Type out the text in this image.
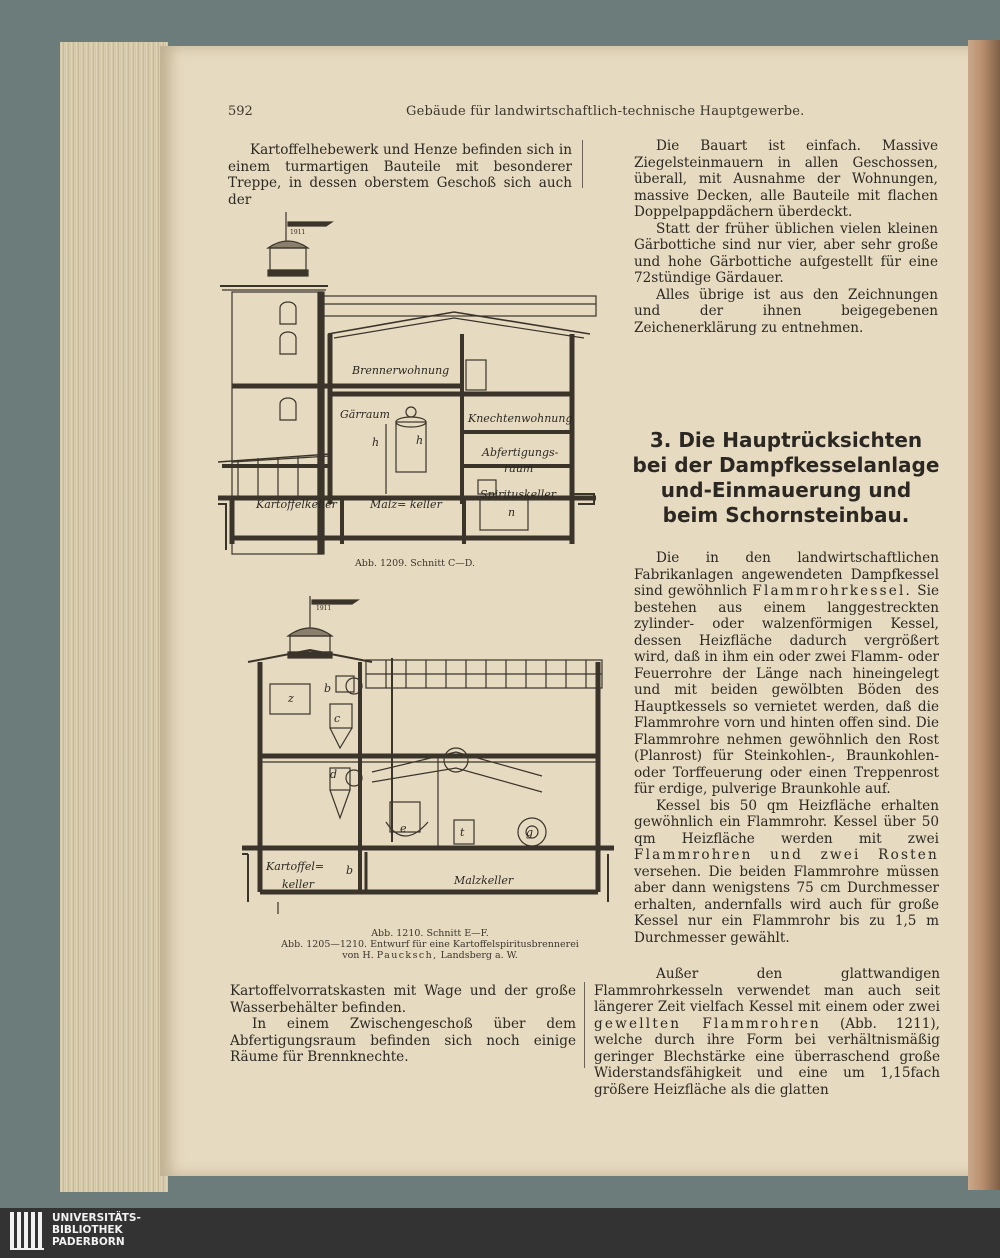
592	Gebäude für landwirtschaftlich-technische Hauptgewerbe.

Kartoffelhebewerk und Henze befinden sich in einem turmartigen Bauteile mit besonderer Treppe, in dessen oberstem Geschoß sich auch der

Die Bauart ist einfach. Massive Ziegelsteinmauern in allen Geschossen, überall, mit Ausnahme der Wohnungen, massive Decken, alle Bauteile mit flachen Doppelpappdächern überdeckt.

Statt der früher üblichen vielen kleinen Gärbottiche sind nur vier, aber sehr große und hohe Gärbottiche aufgestellt für eine 72stündige Gärdauer.

Alles übrige ist aus den Zeichnungen und der ihnen beigegebenen Zeichenerklärung zu entnehmen.

3. Die Hauptrücksichten bei der Dampfkesselanlage und-Einmauerung und beim Schornsteinbau.

Die in den landwirtschaftlichen Fabrikanlagen angewendeten Dampfkessel sind gewöhnlich Flammrohrkessel. Sie bestehen aus einem langgestreckten zylinder- oder walzenförmigen Kessel, dessen Heizfläche dadurch vergrößert wird, daß in ihm ein oder zwei Flamm- oder Feuerrohre der Länge nach hineingelegt und mit beiden gewölbten Böden des Hauptkessels so vernietet werden, daß die Flammrohre vorn und hinten offen sind. Die Flammrohre nehmen gewöhnlich den Rost (Planrost) für Steinkohlen-, Braunkohlen- oder Torffeuerung oder einen Treppenrost für erdige, pulverige Braunkohle auf.

Kessel bis 50 qm Heizfläche erhalten gewöhnlich ein Flammrohr. Kessel über 50 qm Heizfläche werden mit zwei Flammrohren und zwei Rosten versehen. Die beiden Flammrohre müssen aber dann wenigstens 75 cm Durchmesser erhalten, andernfalls wird auch für große Kessel nur ein Flammrohr bis zu 1,5 m Durchmesser gewählt.

Außer den glattwandigen Flammrohrkesseln verwendet man auch seit längerer Zeit vielfach Kessel mit einem oder zwei gewellten Flammrohren (Abb. 1211), welche durch ihre Form bei verhältnismäßig geringer Blechstärke eine überraschend große Widerstandsfähigkeit und eine um 1,15fach größere Heizfläche als die glatten

Kartoffelvorratskasten mit Wage und der große Wasserbehälter befinden.

In einem Zwischengeschoß über dem Abfertigungsraum befinden sich noch einige Räume für Brennknechte.

Brennerwohnung
Gärraum	Knechtenwohnung
Abfertigungs-
raum
Kartoffelkeller	Malz= keller
Spirituskeller
h	h
n
1911
Abb. 1209. Schnitt C—D.
Kartoffel=
keller	Malzkeller
z
b
c
d
b
e	t	g
1911
Abb. 1210. Schnitt E—F.
Abb. 1205—1210. Entwurf für eine Kartoffelspiritusbrennerei
von H. Paucksch, Landsberg a. W.
UNIVERSITÄTS-
BIBLIOTHEK
PADERBORN
